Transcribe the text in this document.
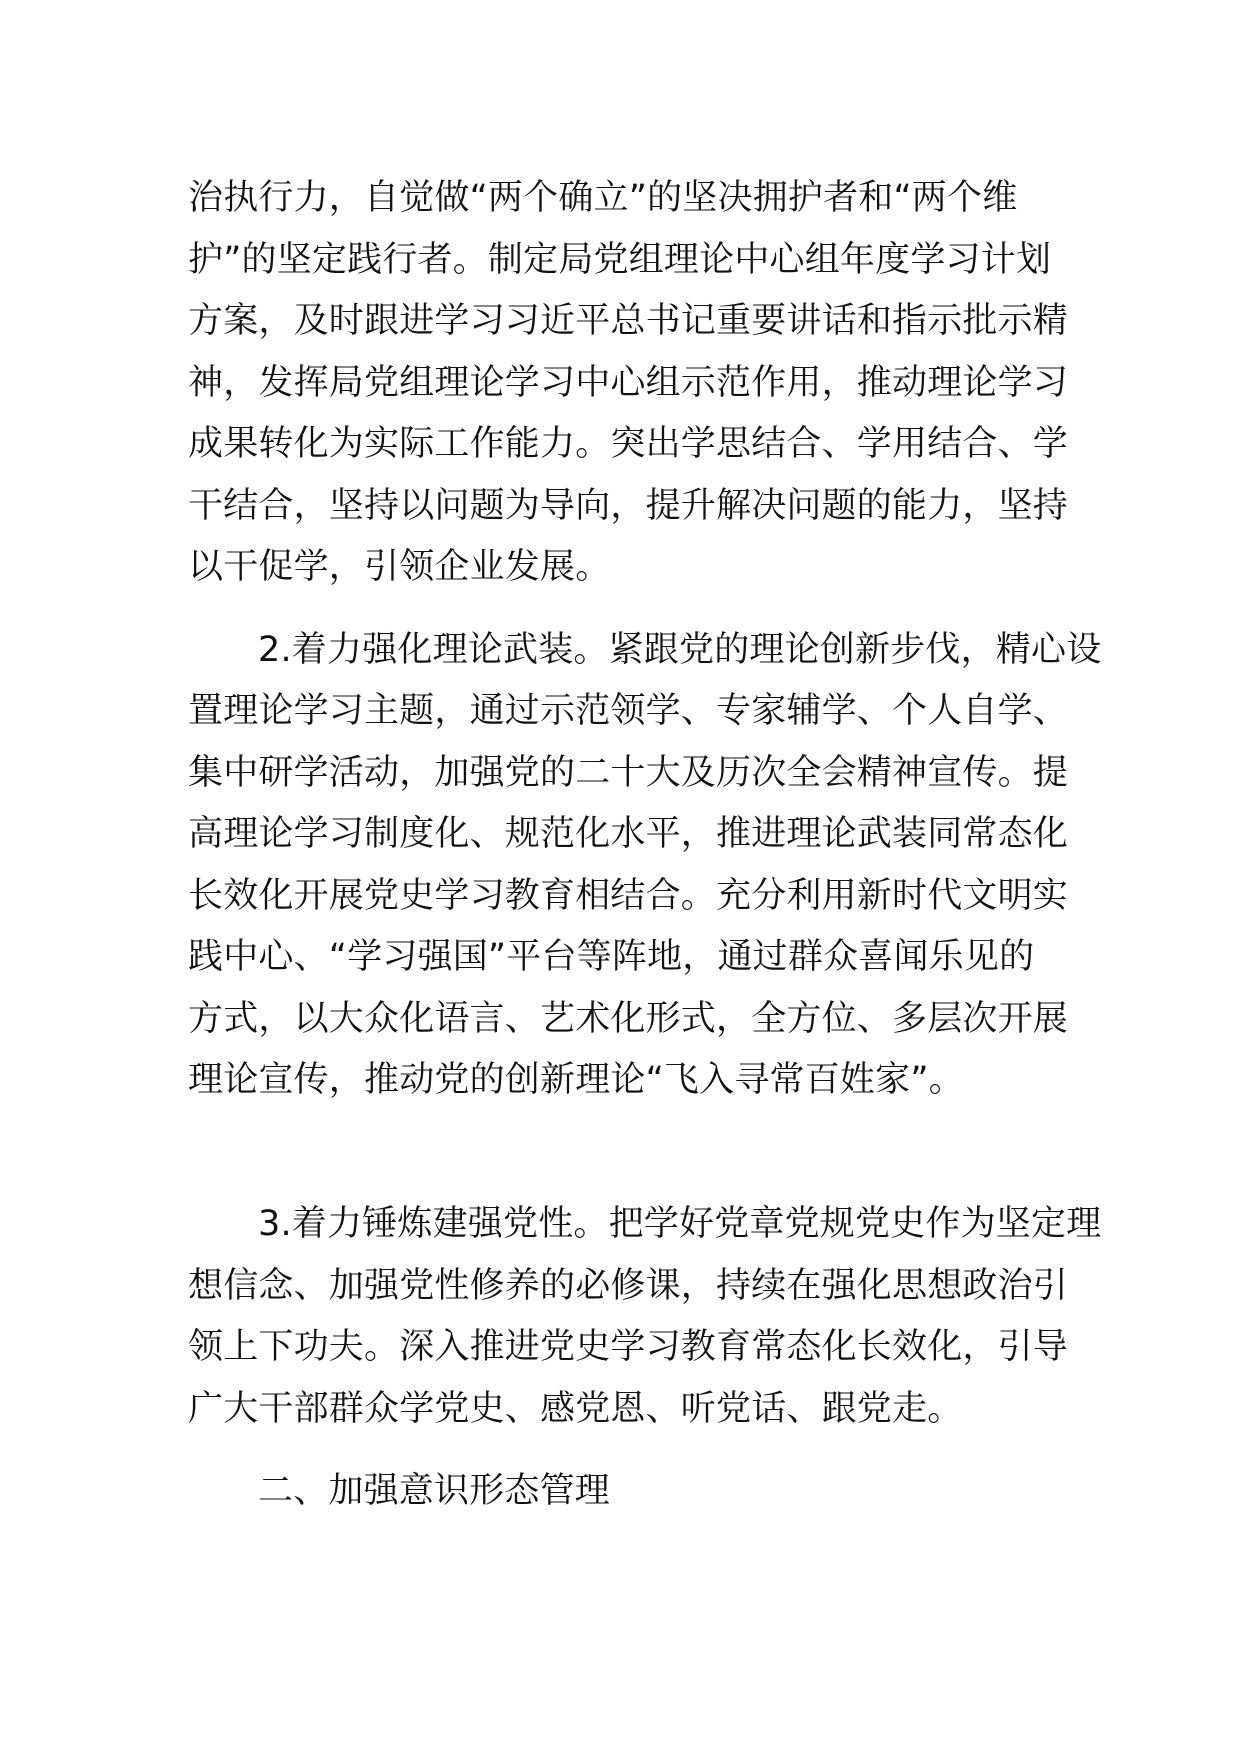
治执行力，自觉做“两个确立”的坚决拥护者和“两个维
护”的坚定践行者。制定局党组理论中心组年度学习计划
方案，及时跟进学习习近平总书记重要讲话和指示批示精
神，发挥局党组理论学习中心组示范作用，推动理论学习
成果转化为实际工作能力。突出学思结合、学用结合、学
干结合，坚持以问题为导向，提升解决问题的能力，坚持
以干促学，引领企业发展。
2.着力强化理论武装。紧跟党的理论创新步伐，精心设
置理论学习主题，通过示范领学、专家辅学、个人自学、
集中研学活动，加强党的二十大及历次全会精神宣传。提
高理论学习制度化、规范化水平，推进理论武装同常态化
长效化开展党史学习教育相结合。充分利用新时代文明实
践中心、“学习强国”平台等阵地，通过群众喜闻乐见的
方式，以大众化语言、艺术化形式，全方位、多层次开展
理论宣传，推动党的创新理论“飞入寻常百姓家”。
3.着力锤炼建强党性。把学好党章党规党史作为坚定理
想信念、加强党性修养的必修课，持续在强化思想政治引
领上下功夫。深入推进党史学习教育常态化长效化，引导
广大干部群众学党史、感党恩、听党话、跟党走。
二、加强意识形态管理
